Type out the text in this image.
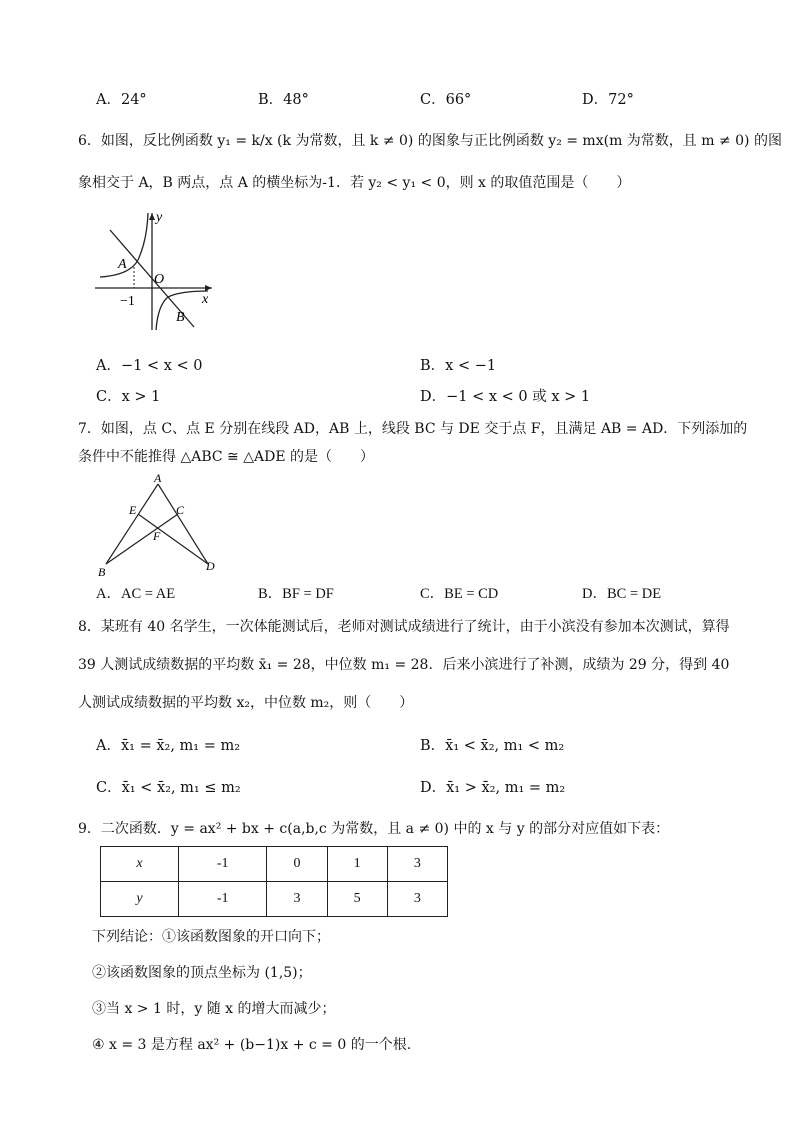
A．24°	B．48°	C．66°	D．72°
6．如图，反比例函数 y₁ = k/x (k 为常数，且 k ≠ 0) 的图象与正比例函数 y₂ = mx(m 为常数，且 m ≠ 0) 的图
象相交于 A，B 两点，点 A 的横坐标为-1．若 y₂ < y₁ < 0，则 x 的取值范围是（　　）
y
x
A
B
O
−1
A．−1 < x < 0	B．x < −1
C．x > 1	D．−1 < x < 0 或 x > 1
7．如图，点 C、点 E 分别在线段 AD，AB 上，线段 BC 与 DE 交于点 F，且满足 AB = AD．下列添加的
条件中不能推得 △ABC ≅ △ADE 的是（　　）
A
B
C
D
E
F
A．AC = AE	B．BF = DF	C．BE = CD	D．BC = DE
8．某班有 40 名学生，一次体能测试后，老师对测试成绩进行了统计，由于小滨没有参加本次测试，算得
39 人测试成绩数据的平均数 x̄₁ = 28，中位数 m₁ = 28．后来小滨进行了补测，成绩为 29 分，得到 40
人测试成绩数据的平均数 x₂，中位数 m₂，则（　　）
A．x̄₁ = x̄₂, m₁ = m₂	B．x̄₁ < x̄₂, m₁ < m₂
C．x̄₁ < x̄₂, m₁ ≤ m₂	D．x̄₁ > x̄₂, m₁ = m₂
9．二次函数．y = ax² + bx + c(a,b,c 为常数，且 a ≠ 0) 中的 x 与 y 的部分对应值如下表：
x	-1	0	1	3
y	-1	3	5	3
下列结论：①该函数图象的开口向下；
②该函数图象的顶点坐标为 (1,5)；
③当 x > 1 时，y 随 x 的增大而减少；
④ x = 3 是方程 ax² + (b−1)x + c = 0 的一个根.
